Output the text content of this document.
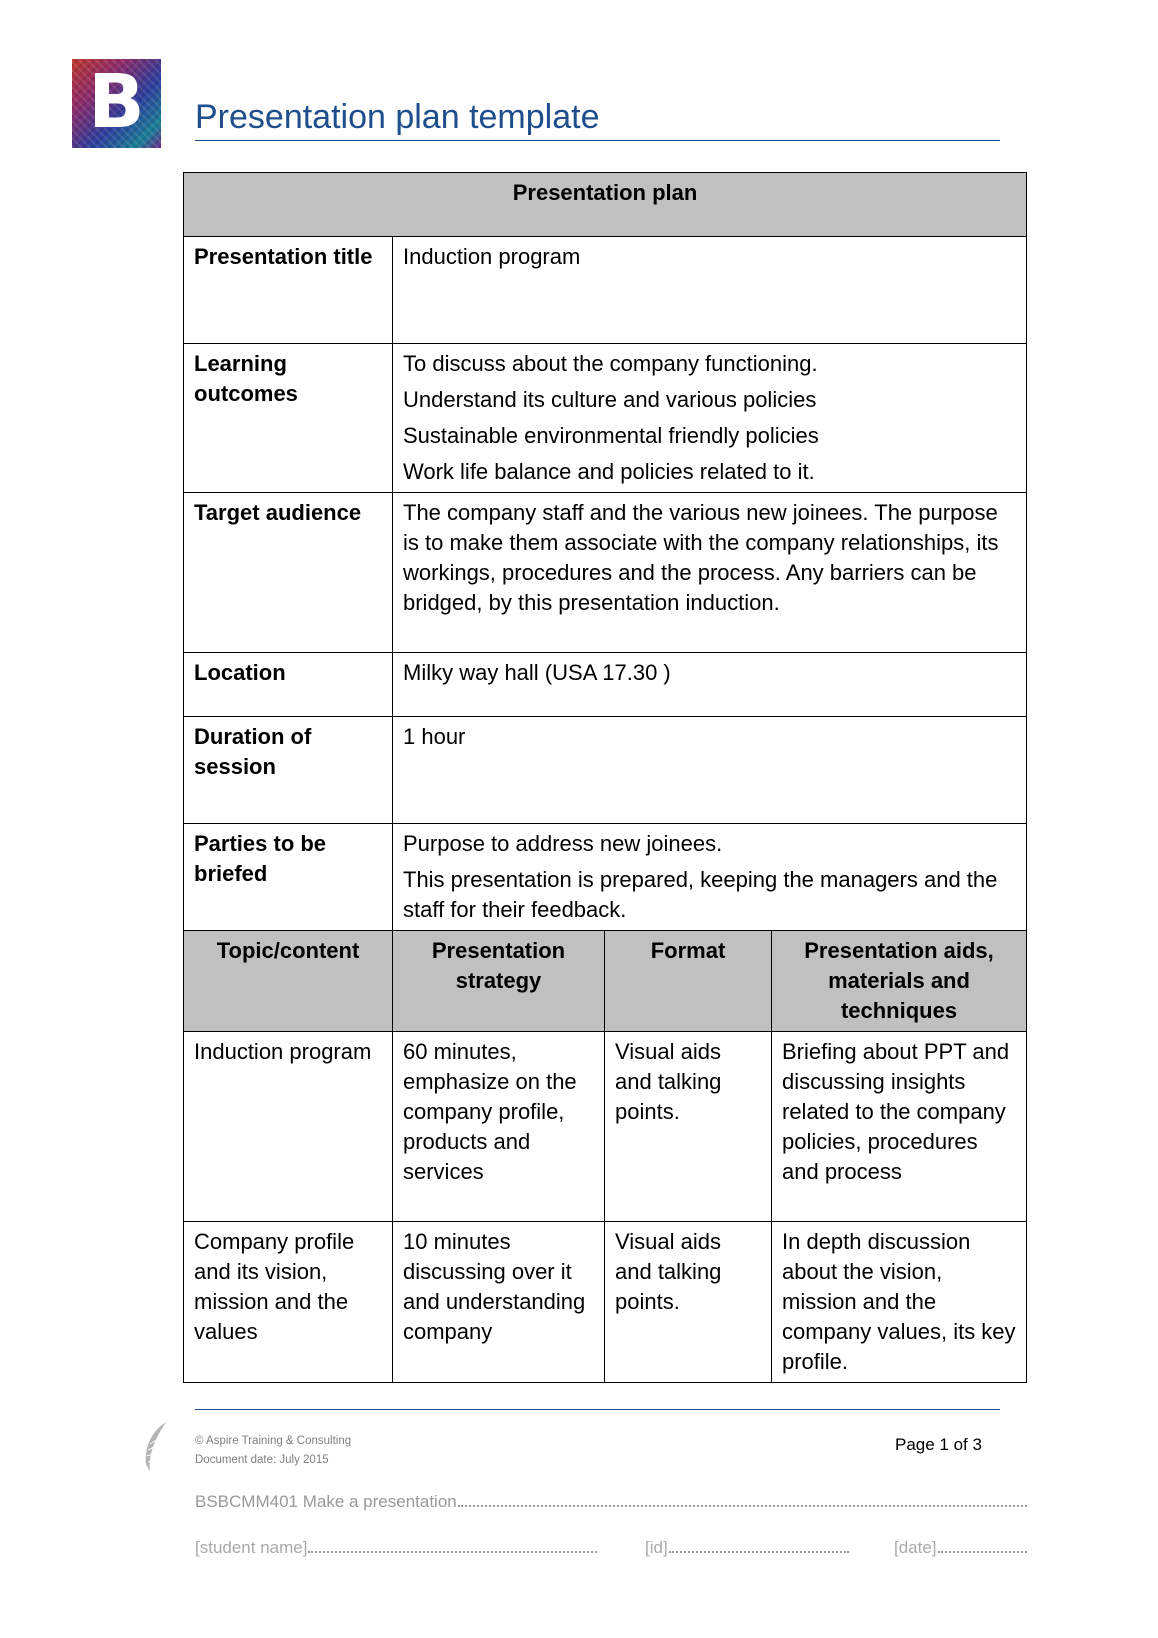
B Presentation plan template
Presentation plan			
Presentation title	Induction program		

Learning outcomes	To discuss about the company functioning.
Understand its culture and various policies
Sustainable environmental friendly policies
Work life balance and policies related to it.		

Target audience	The company staff and the various new joinees. The purpose is to make them associate with the company relationships, its workings, procedures and the process. Any barriers can be bridged, by this presentation induction.		

Location	Milky way hall (USA 17.30 )		

Duration of session	1 hour		

Parties to be briefed	Purpose to address new joinees.
This presentation is prepared, keeping the managers and the staff for their feedback.		

Topic/content	Presentation strategy	Format	Presentation aids, materials and techniques
Induction program	60 minutes, emphasize on the company profile, products and services	Visual aids and talking points.	Briefing about PPT and discussing insights related to the company policies, procedures and process
Company profile and its vision, mission and the values	10 minutes discussing over it and understanding company	Visual aids and talking points.	In depth discussion about the vision, mission and the company values, its key profile.
© Aspire Training & Consulting
Document date: July 2015
Page 1 of 3
BSBCMM401 Make a presentation
[student name]	[id]	[date]
